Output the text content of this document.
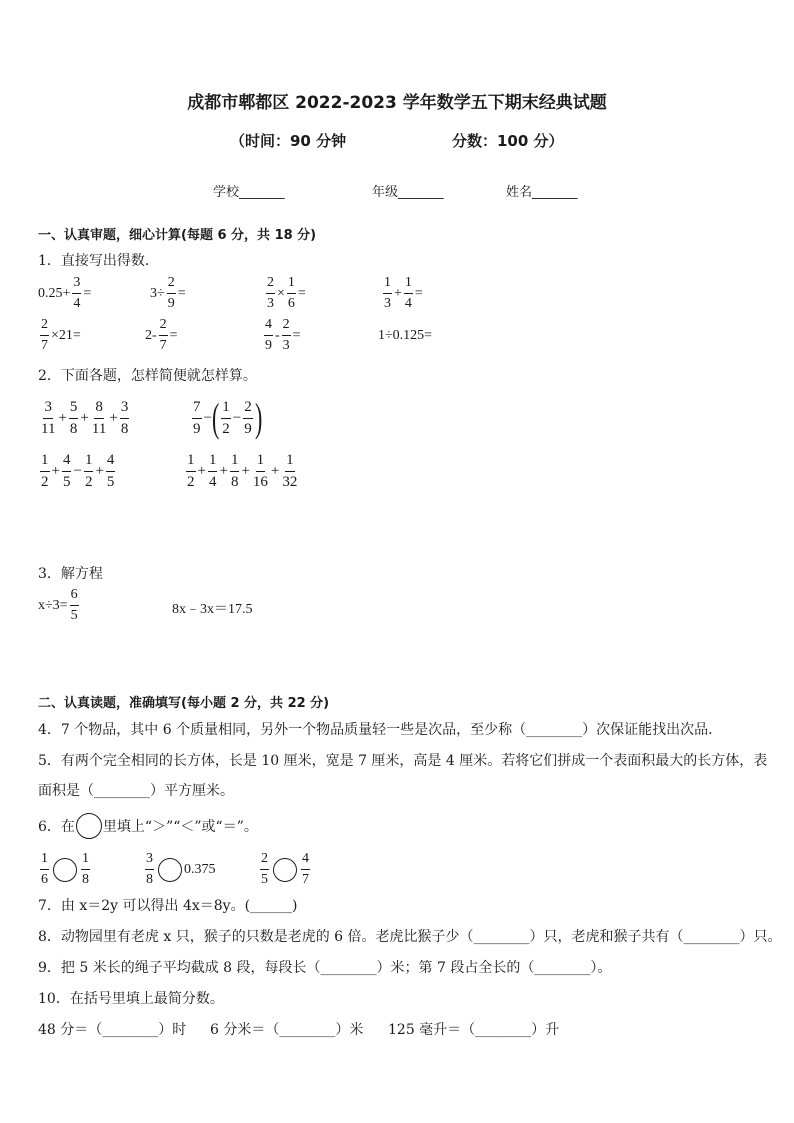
成都市郫都区 2022-2023 学年数学五下期末经典试题
（时间：90 分钟	分数：100 分）
学校_______	年级_______	姓名_______
一、认真审题，细心计算(每题 6 分，共 18 分)
1．直接写出得数．
$0.25+ \frac{3}{4}$ =	$3\div \frac{2}{9}$ =	$\frac{2}{3} \times \frac{1}{6}$ =	$\frac{1}{3} + \frac{1}{4}$ =
$\frac{2}{7} \times 21=$	$2- \frac{2}{7}$ =	$\frac{4}{9} - \frac{2}{3}$ =	1÷0.125=
2．下面各题，怎样简便就怎样算。
$\frac{3}{11} + \frac{5}{8} + \frac{8}{11} + \frac{3}{8}$	$\frac{7}{9}$ − ( $\frac{1}{2} - \frac{2}{9}$ )
$\frac{1}{2} + \frac{4}{5} - \frac{1}{2} + \frac{4}{5}$	$\frac{1}{2} + \frac{1}{4} + \frac{1}{8} + \frac{1}{16} + \frac{1}{32}$
3．解方程
$x\div 3= \frac{6}{5}$	8x﹣3x＝17.5
二、认真读题，准确填写(每小题 2 分，共 22 分)
4．7 个物品，其中 6 个质量相同，另外一个物品质量轻一些是次品，至少称（________）次保证能找出次品.
5．有两个完全相同的长方体，长是 10 厘米，宽是 7 厘米，高是 4 厘米。若将它们拼成一个表面积最大的长方体，表
面积是（________）平方厘米。
6．在 里填上“＞”“＜”或“＝”。
$\frac{1}{6} \frac{1}{8}$	$\frac{3}{8} 0.375$	$\frac{2}{5} \frac{4}{7}$
7．由 x＝2y 可以得出 4x＝8y。(______)
8．动物园里有老虎 x 只，猴子的只数是老虎的 6 倍。老虎比猴子少（________）只，老虎和猴子共有（________）只。
9．把 5 米长的绳子平均截成 8 段，每段长（________）米；第 7 段占全长的（________）。
10．在括号里填上最简分数。
48 分＝（________）时 6 分米＝（________）米 125 毫升＝（________）升
